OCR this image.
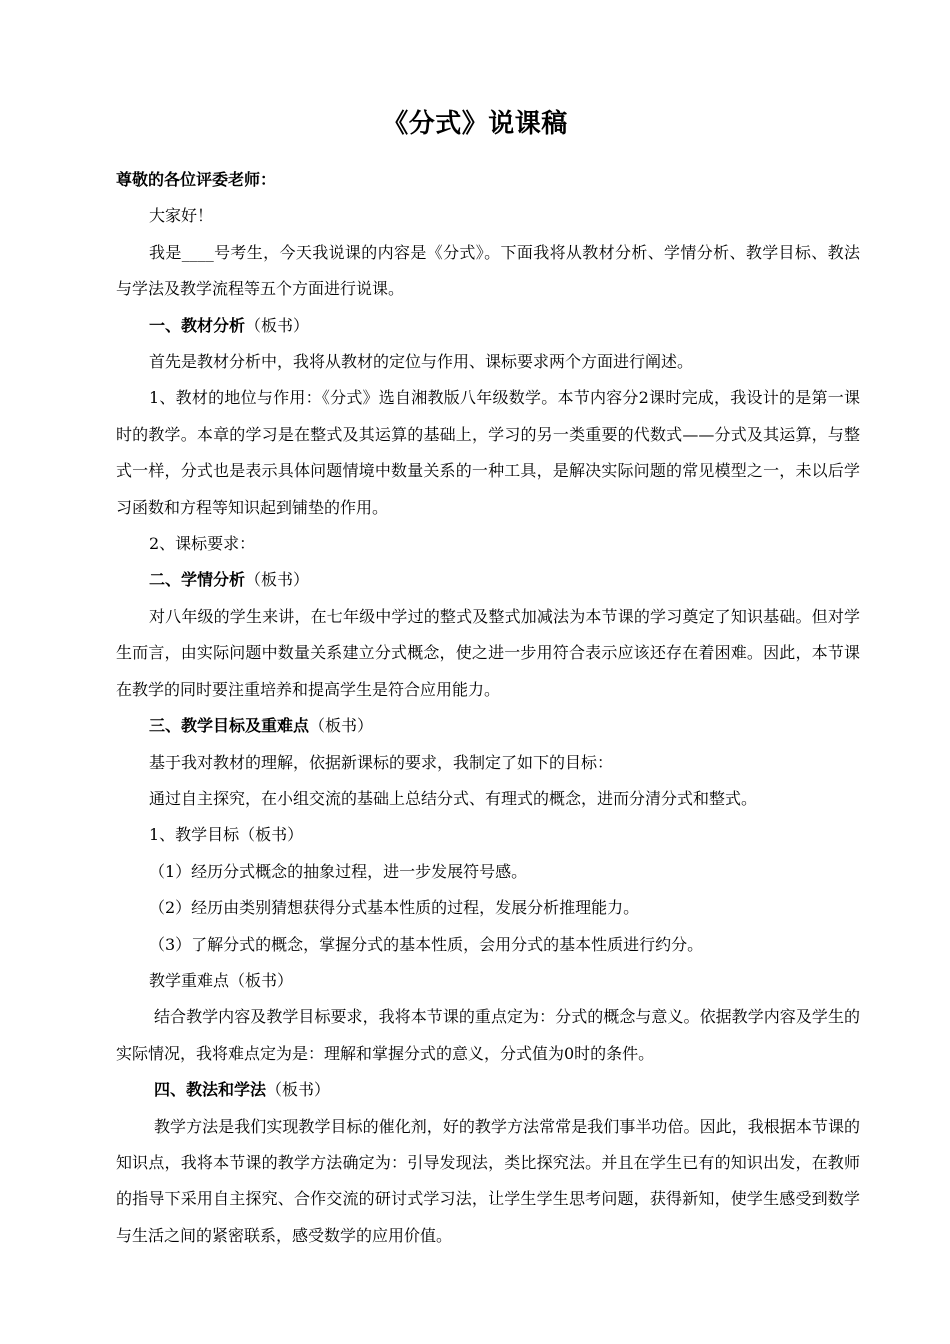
《分式》说课稿

尊敬的各位评委老师：

大家好！

我是____号考生，今天我说课的内容是《分式》。下面我将从教材分析、学情分析、教学目标、教法与学法及教学流程等五个方面进行说课。

一、教材分析（板书）

首先是教材分析中，我将从教材的定位与作用、课标要求两个方面进行阐述。

1、教材的地位与作用：《分式》选自湘教版八年级数学。本节内容分2课时完成，我设计的是第一课时的教学。本章的学习是在整式及其运算的基础上，学习的另一类重要的代数式——分式及其运算，与整式一样，分式也是表示具体问题情境中数量关系的一种工具，是解决实际问题的常见模型之一，未以后学习函数和方程等知识起到铺垫的作用。

2、课标要求：

二、学情分析（板书）

对八年级的学生来讲，在七年级中学过的整式及整式加减法为本节课的学习奠定了知识基础。但对学生而言，由实际问题中数量关系建立分式概念，使之进一步用符合表示应该还存在着困难。因此，本节课在教学的同时要注重培养和提高学生是符合应用能力。

三、教学目标及重难点（板书）

基于我对教材的理解，依据新课标的要求，我制定了如下的目标：

通过自主探究，在小组交流的基础上总结分式、有理式的概念，进而分清分式和整式。

1、教学目标（板书）

（1）经历分式概念的抽象过程，进一步发展符号感。

（2）经历由类别猜想获得分式基本性质的过程，发展分析推理能力。

（3）了解分式的概念，掌握分式的基本性质，会用分式的基本性质进行约分。

教学重难点（板书）

结合教学内容及教学目标要求，我将本节课的重点定为：分式的概念与意义。依据教学内容及学生的实际情况，我将难点定为是：理解和掌握分式的意义，分式值为0时的条件。

四、教法和学法（板书）

教学方法是我们实现教学目标的催化剂，好的教学方法常常是我们事半功倍。因此，我根据本节课的知识点，我将本节课的教学方法确定为：引导发现法，类比探究法。并且在学生已有的知识出发，在教师的指导下采用自主探究、合作交流的研讨式学习法，让学生学生思考问题，获得新知，使学生感受到数学与生活之间的紧密联系，感受数学的应用价值。
